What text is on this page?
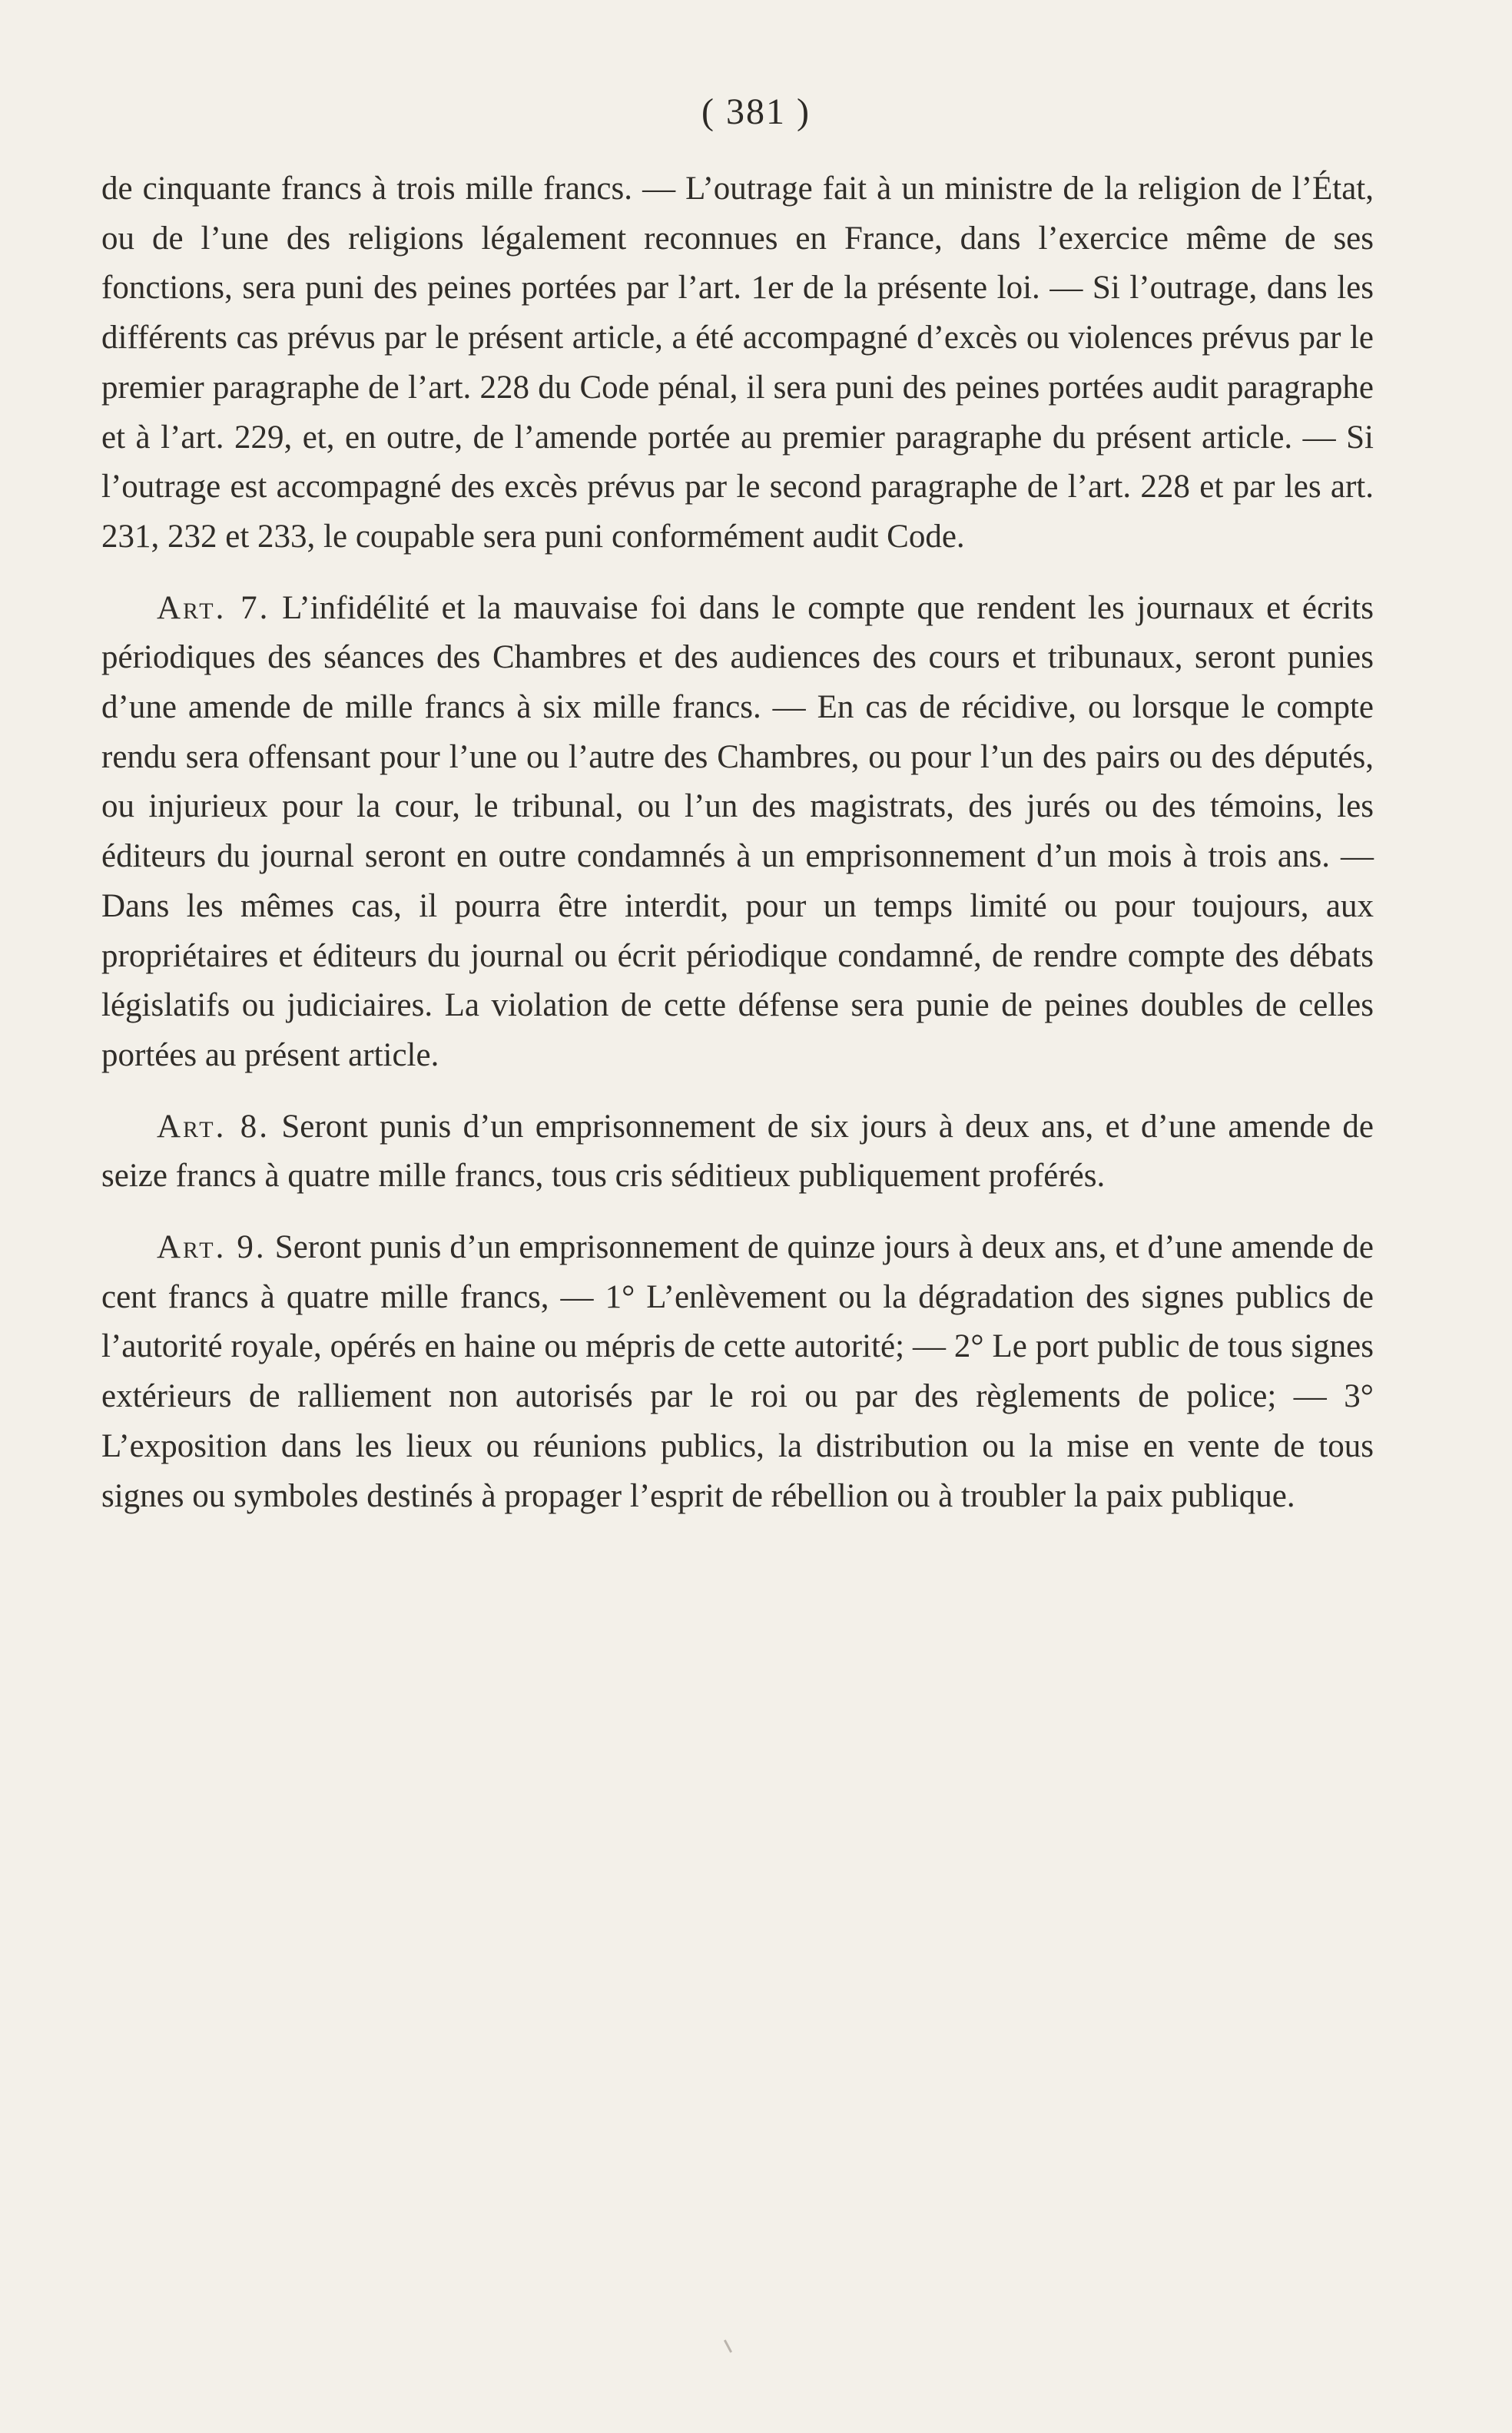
( 381 )

de cinquante francs à trois mille francs. — L’outrage fait à un ministre de la religion de l’État, ou de l’une des religions légalement reconnues en France, dans l’exercice même de ses fonctions, sera puni des peines portées par l’art. 1er de la présente loi. — Si l’outrage, dans les différents cas prévus par le présent article, a été accompagné d’excès ou violences prévus par le premier paragraphe de l’art. 228 du Code pénal, il sera puni des peines portées audit paragraphe et à l’art. 229, et, en outre, de l’amende portée au premier paragraphe du présent article. — Si l’outrage est accompagné des excès prévus par le second paragraphe de l’art. 228 et par les art. 231, 232 et 233, le coupable sera puni conformément audit Code.

Art. 7. L’infidélité et la mauvaise foi dans le compte que rendent les journaux et écrits périodiques des séances des Chambres et des audiences des cours et tribunaux, seront punies d’une amende de mille francs à six mille francs. — En cas de récidive, ou lorsque le compte rendu sera offensant pour l’une ou l’autre des Chambres, ou pour l’un des pairs ou des députés, ou injurieux pour la cour, le tribunal, ou l’un des magistrats, des jurés ou des témoins, les éditeurs du journal seront en outre condamnés à un emprisonnement d’un mois à trois ans. — Dans les mêmes cas, il pourra être interdit, pour un temps limité ou pour toujours, aux propriétaires et éditeurs du journal ou écrit périodique condamné, de rendre compte des débats législatifs ou judiciaires. La violation de cette défense sera punie de peines doubles de celles portées au présent article.

Art. 8. Seront punis d’un emprisonnement de six jours à deux ans, et d’une amende de seize francs à quatre mille francs, tous cris séditieux publiquement proférés.

Art. 9. Seront punis d’un emprisonnement de quinze jours à deux ans, et d’une amende de cent francs à quatre mille francs, — 1° L’enlèvement ou la dégradation des signes publics de l’autorité royale, opérés en haine ou mépris de cette autorité; — 2° Le port public de tous signes extérieurs de ralliement non autorisés par le roi ou par des règlements de police; — 3° L’exposition dans les lieux ou réunions publics, la distribution ou la mise en vente de tous signes ou symboles destinés à propager l’esprit de rébellion ou à troubler la paix publique.
